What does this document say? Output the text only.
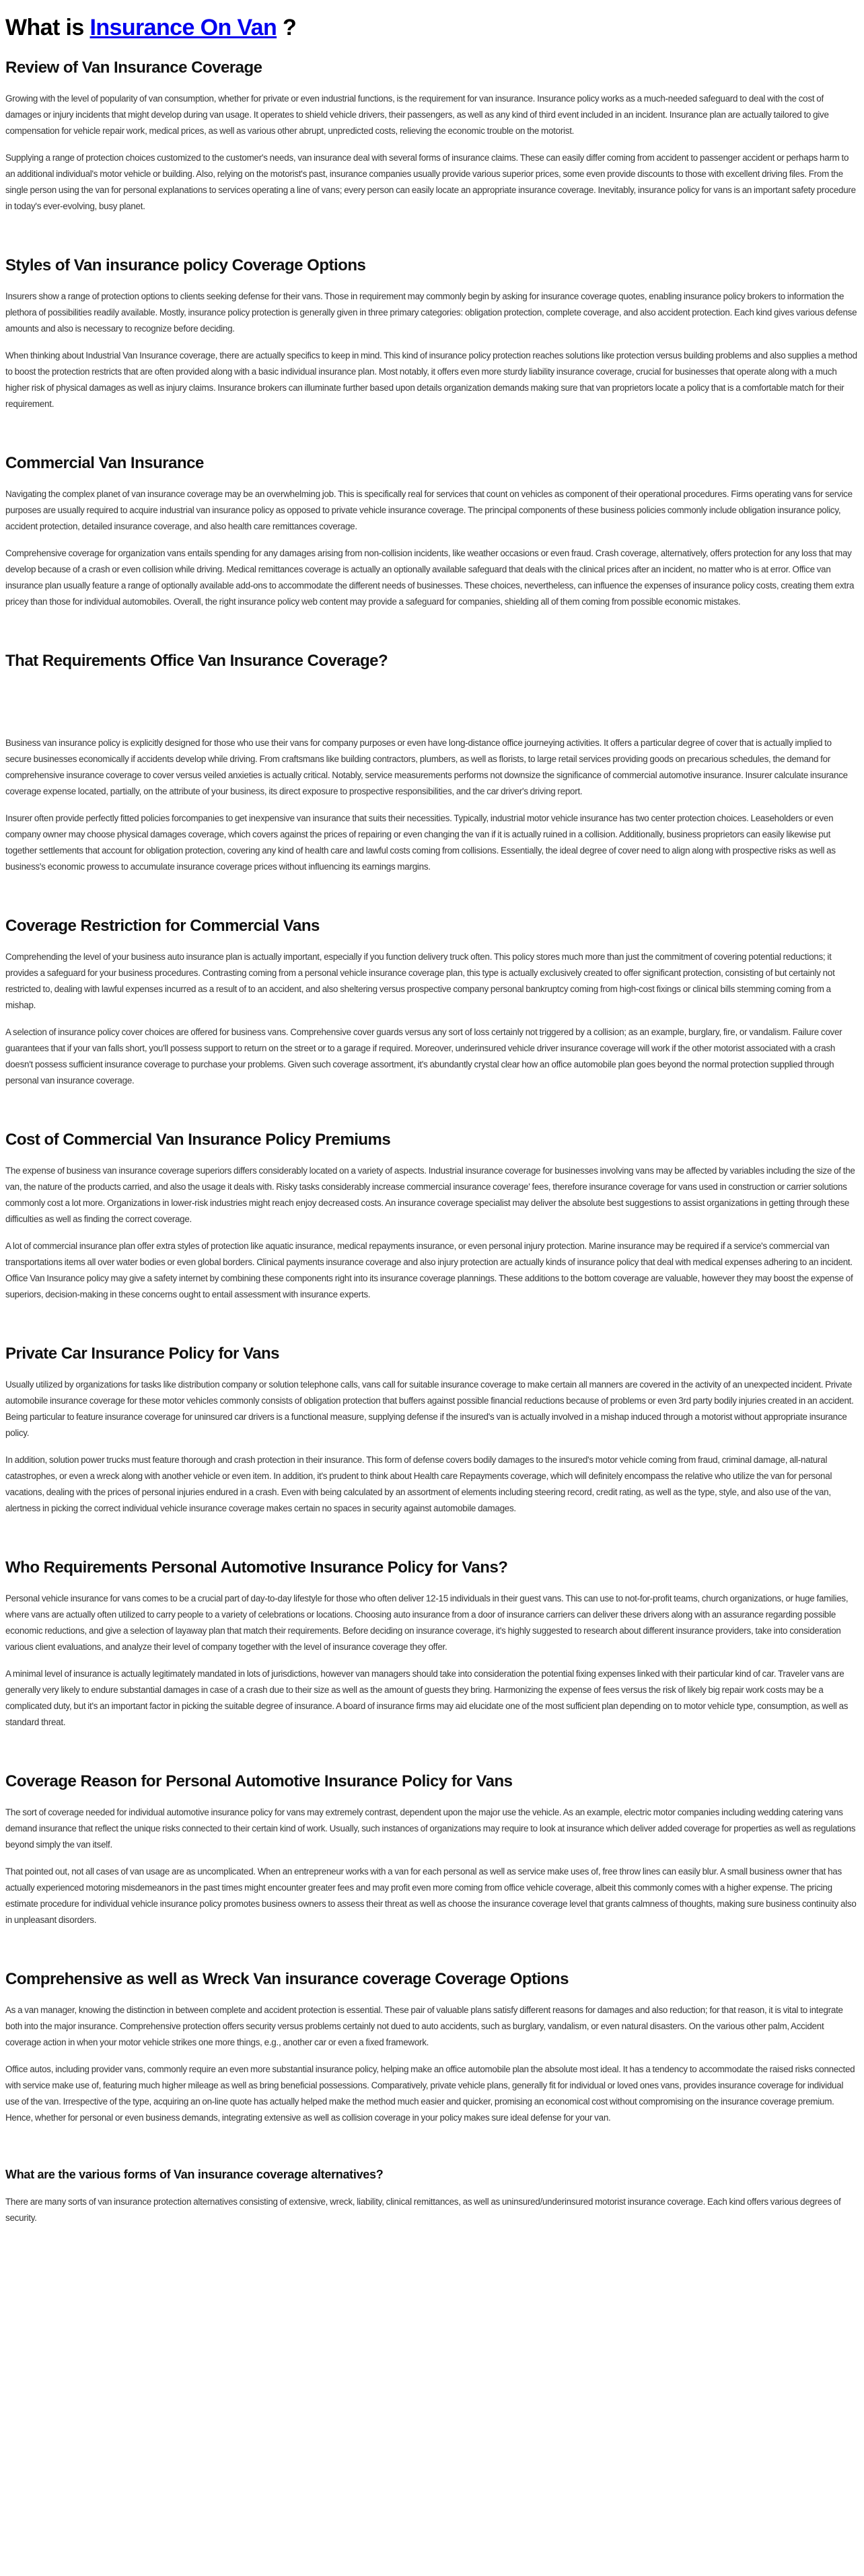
What is Insurance On Van ?
Review of Van Insurance Coverage

Growing with the level of popularity of van consumption, whether for private or even industrial functions, is the requirement for van insurance. Insurance policy works as a much-needed safeguard to deal with the cost of damages or injury incidents that might develop during van usage. It operates to shield vehicle drivers, their passengers, as well as any kind of third event included in an incident. Insurance plan are actually tailored to give compensation for vehicle repair work, medical prices, as well as various other abrupt, unpredicted costs, relieving the economic trouble on the motorist.

Supplying a range of protection choices customized to the customer's needs, van insurance deal with several forms of insurance claims. These can easily differ coming from accident to passenger accident or perhaps harm to an additional individual's motor vehicle or building. Also, relying on the motorist's past, insurance companies usually provide various superior prices, some even provide discounts to those with excellent driving files. From the single person using the van for personal explanations to services operating a line of vans; every person can easily locate an appropriate insurance coverage. Inevitably, insurance policy for vans is an important safety procedure in today's ever-evolving, busy planet.

Styles of Van insurance policy Coverage Options

Insurers show a range of protection options to clients seeking defense for their vans. Those in requirement may commonly begin by asking for insurance coverage quotes, enabling insurance policy brokers to information the plethora of possibilities readily available. Mostly, insurance policy protection is generally given in three primary categories: obligation protection, complete coverage, and also accident protection. Each kind gives various defense amounts and also is necessary to recognize before deciding.

When thinking about Industrial Van Insurance coverage, there are actually specifics to keep in mind. This kind of insurance policy protection reaches solutions like protection versus building problems and also supplies a method to boost the protection restricts that are often provided along with a basic individual insurance plan. Most notably, it offers even more sturdy liability insurance coverage, crucial for businesses that operate along with a much higher risk of physical damages as well as injury claims. Insurance brokers can illuminate further based upon details organization demands making sure that van proprietors locate a policy that is a comfortable match for their requirement.

Commercial Van Insurance

Navigating the complex planet of van insurance coverage may be an overwhelming job. This is specifically real for services that count on vehicles as component of their operational procedures. Firms operating vans for service purposes are usually required to acquire industrial van insurance policy as opposed to private vehicle insurance coverage. The principal components of these business policies commonly include obligation insurance policy, accident protection, detailed insurance coverage, and also health care remittances coverage.

Comprehensive coverage for organization vans entails spending for any damages arising from non-collision incidents, like weather occasions or even fraud. Crash coverage, alternatively, offers protection for any loss that may develop because of a crash or even collision while driving. Medical remittances coverage is actually an optionally available safeguard that deals with the clinical prices after an incident, no matter who is at error. Office van insurance plan usually feature a range of optionally available add-ons to accommodate the different needs of businesses. These choices, nevertheless, can influence the expenses of insurance policy costs, creating them extra pricey than those for individual automobiles. Overall, the right insurance policy web content may provide a safeguard for companies, shielding all of them coming from possible economic mistakes.

That Requirements Office Van Insurance Coverage?

Business van insurance policy is explicitly designed for those who use their vans for company purposes or even have long-distance office journeying activities. It offers a particular degree of cover that is actually implied to secure businesses economically if accidents develop while driving. From craftsmans like building contractors, plumbers, as well as florists, to large retail services providing goods on precarious schedules, the demand for comprehensive insurance coverage to cover versus veiled anxieties is actually critical. Notably, service measurements performs not downsize the significance of commercial automotive insurance. Insurer calculate insurance coverage expense located, partially, on the attribute of your business, its direct exposure to prospective responsibilities, and the car driver's driving report.

Insurer often provide perfectly fitted policies forcompanies to get inexpensive van insurance that suits their necessities. Typically, industrial motor vehicle insurance has two center protection choices. Leaseholders or even company owner may choose physical damages coverage, which covers against the prices of repairing or even changing the van if it is actually ruined in a collision. Additionally, business proprietors can easily likewise put together settlements that account for obligation protection, covering any kind of health care and lawful costs coming from collisions. Essentially, the ideal degree of cover need to align along with prospective risks as well as business's economic prowess to accumulate insurance coverage prices without influencing its earnings margins.

Coverage Restriction for Commercial Vans

Comprehending the level of your business auto insurance plan is actually important, especially if you function delivery truck often. This policy stores much more than just the commitment of covering potential reductions; it provides a safeguard for your business procedures. Contrasting coming from a personal vehicle insurance coverage plan, this type is actually exclusively created to offer significant protection, consisting of but certainly not restricted to, dealing with lawful expenses incurred as a result of to an accident, and also sheltering versus prospective company personal bankruptcy coming from high-cost fixings or clinical bills stemming coming from a mishap.

A selection of insurance policy cover choices are offered for business vans. Comprehensive cover guards versus any sort of loss certainly not triggered by a collision; as an example, burglary, fire, or vandalism. Failure cover guarantees that if your van falls short, you'll possess support to return on the street or to a garage if required. Moreover, underinsured vehicle driver insurance coverage will work if the other motorist associated with a crash doesn't possess sufficient insurance coverage to purchase your problems. Given such coverage assortment, it's abundantly crystal clear how an office automobile plan goes beyond the normal protection supplied through personal van insurance coverage.

Cost of Commercial Van Insurance Policy Premiums

The expense of business van insurance coverage superiors differs considerably located on a variety of aspects. Industrial insurance coverage for businesses involving vans may be affected by variables including the size of the van, the nature of the products carried, and also the usage it deals with. Risky tasks considerably increase commercial insurance coverage' fees, therefore insurance coverage for vans used in construction or carrier solutions commonly cost a lot more. Organizations in lower-risk industries might reach enjoy decreased costs. An insurance coverage specialist may deliver the absolute best suggestions to assist organizations in getting through these difficulties as well as finding the correct coverage.

A lot of commercial insurance plan offer extra styles of protection like aquatic insurance, medical repayments insurance, or even personal injury protection. Marine insurance may be required if a service's commercial van transportations items all over water bodies or even global borders. Clinical payments insurance coverage and also injury protection are actually kinds of insurance policy that deal with medical expenses adhering to an incident. Office Van Insurance policy may give a safety internet by combining these components right into its insurance coverage plannings. These additions to the bottom coverage are valuable, however they may boost the expense of superiors, decision-making in these concerns ought to entail assessment with insurance experts.

Private Car Insurance Policy for Vans

Usually utilized by organizations for tasks like distribution company or solution telephone calls, vans call for suitable insurance coverage to make certain all manners are covered in the activity of an unexpected incident. Private automobile insurance coverage for these motor vehicles commonly consists of obligation protection that buffers against possible financial reductions because of problems or even 3rd party bodily injuries created in an accident. Being particular to feature insurance coverage for uninsured car drivers is a functional measure, supplying defense if the insured's van is actually involved in a mishap induced through a motorist without appropriate insurance policy.

In addition, solution power trucks must feature thorough and crash protection in their insurance. This form of defense covers bodily damages to the insured's motor vehicle coming from fraud, criminal damage, all-natural catastrophes, or even a wreck along with another vehicle or even item. In addition, it's prudent to think about Health care Repayments coverage, which will definitely encompass the relative who utilize the van for personal vacations, dealing with the prices of personal injuries endured in a crash. Even with being calculated by an assortment of elements including steering record, credit rating, as well as the type, style, and also use of the van, alertness in picking the correct individual vehicle insurance coverage makes certain no spaces in security against automobile damages.

Who Requirements Personal Automotive Insurance Policy for Vans?

Personal vehicle insurance for vans comes to be a crucial part of day-to-day lifestyle for those who often deliver 12-15 individuals in their guest vans. This can use to not-for-profit teams, church organizations, or huge families, where vans are actually often utilized to carry people to a variety of celebrations or locations. Choosing auto insurance from a door of insurance carriers can deliver these drivers along with an assurance regarding possible economic reductions, and give a selection of layaway plan that match their requirements. Before deciding on insurance coverage, it's highly suggested to research about different insurance providers, take into consideration various client evaluations, and analyze their level of company together with the level of insurance coverage they offer.

A minimal level of insurance is actually legitimately mandated in lots of jurisdictions, however van managers should take into consideration the potential fixing expenses linked with their particular kind of car. Traveler vans are generally very likely to endure substantial damages in case of a crash due to their size as well as the amount of guests they bring. Harmonizing the expense of fees versus the risk of likely big repair work costs may be a complicated duty, but it's an important factor in picking the suitable degree of insurance. A board of insurance firms may aid elucidate one of the most sufficient plan depending on to motor vehicle type, consumption, as well as standard threat.

Coverage Reason for Personal Automotive Insurance Policy for Vans

The sort of coverage needed for individual automotive insurance policy for vans may extremely contrast, dependent upon the major use the vehicle. As an example, electric motor companies including wedding catering vans demand insurance that reflect the unique risks connected to their certain kind of work. Usually, such instances of organizations may require to look at insurance which deliver added coverage for properties as well as regulations beyond simply the van itself.

That pointed out, not all cases of van usage are as uncomplicated. When an entrepreneur works with a van for each personal as well as service make uses of, free throw lines can easily blur. A small business owner that has actually experienced motoring misdemeanors in the past times might encounter greater fees and may profit even more coming from office vehicle coverage, albeit this commonly comes with a higher expense. The pricing estimate procedure for individual vehicle insurance policy promotes business owners to assess their threat as well as choose the insurance coverage level that grants calmness of thoughts, making sure business continuity also in unpleasant disorders.

Comprehensive as well as Wreck Van insurance coverage Coverage Options

As a van manager, knowing the distinction in between complete and accident protection is essential. These pair of valuable plans satisfy different reasons for damages and also reduction; for that reason, it is vital to integrate both into the major insurance. Comprehensive protection offers security versus problems certainly not dued to auto accidents, such as burglary, vandalism, or even natural disasters. On the various other palm, Accident coverage action in when your motor vehicle strikes one more things, e.g., another car or even a fixed framework.

Office autos, including provider vans, commonly require an even more substantial insurance policy, helping make an office automobile plan the absolute most ideal. It has a tendency to accommodate the raised risks connected with service make use of, featuring much higher mileage as well as bring beneficial possessions. Comparatively, private vehicle plans, generally fit for individual or loved ones vans, provides insurance coverage for individual use of the van. Irrespective of the type, acquiring an on-line quote has actually helped make the method much easier and quicker, promising an economical cost without compromising on the insurance coverage premium. Hence, whether for personal or even business demands, integrating extensive as well as collision coverage in your policy makes sure ideal defense for your van.

What are the various forms of Van insurance coverage alternatives?

There are many sorts of van insurance protection alternatives consisting of extensive, wreck, liability, clinical remittances, as well as uninsured/underinsured motorist insurance coverage. Each kind offers various degrees of security.
